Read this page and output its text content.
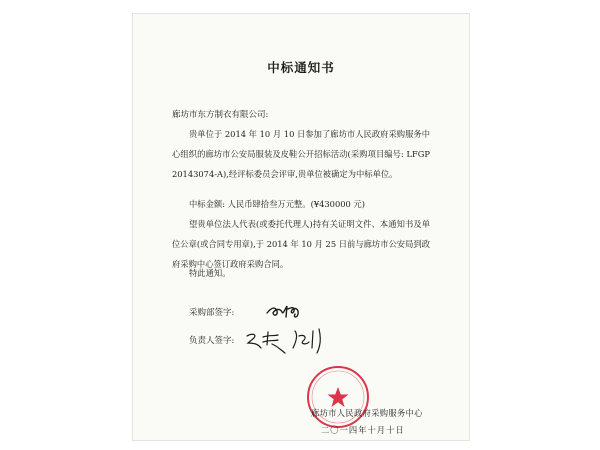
中标通知书
廊坊市东方制衣有限公司:

贵单位于 2014 年 10 月 10 日参加了廊坊市人民政府采购服务中心组织的廊坊市公安局服装及皮鞋公开招标活动(采购项目编号: LFGP 20143074-A),经评标委员会评审,贵单位被确定为中标单位。

中标金额: 人民币肆拾叁万元整。(¥430000 元)

望贵单位法人代表(或委托代理人)持有关证明文件、本通知书及单位公章(或合同专用章),于 2014 年 10 月 25 日前与廊坊市公安局到政府采购中心签订政府采购合同。

特此通知。

采购部签字:
负责人签字:
廊坊市人民政府采购服务中心
二〇一四年十月十日
